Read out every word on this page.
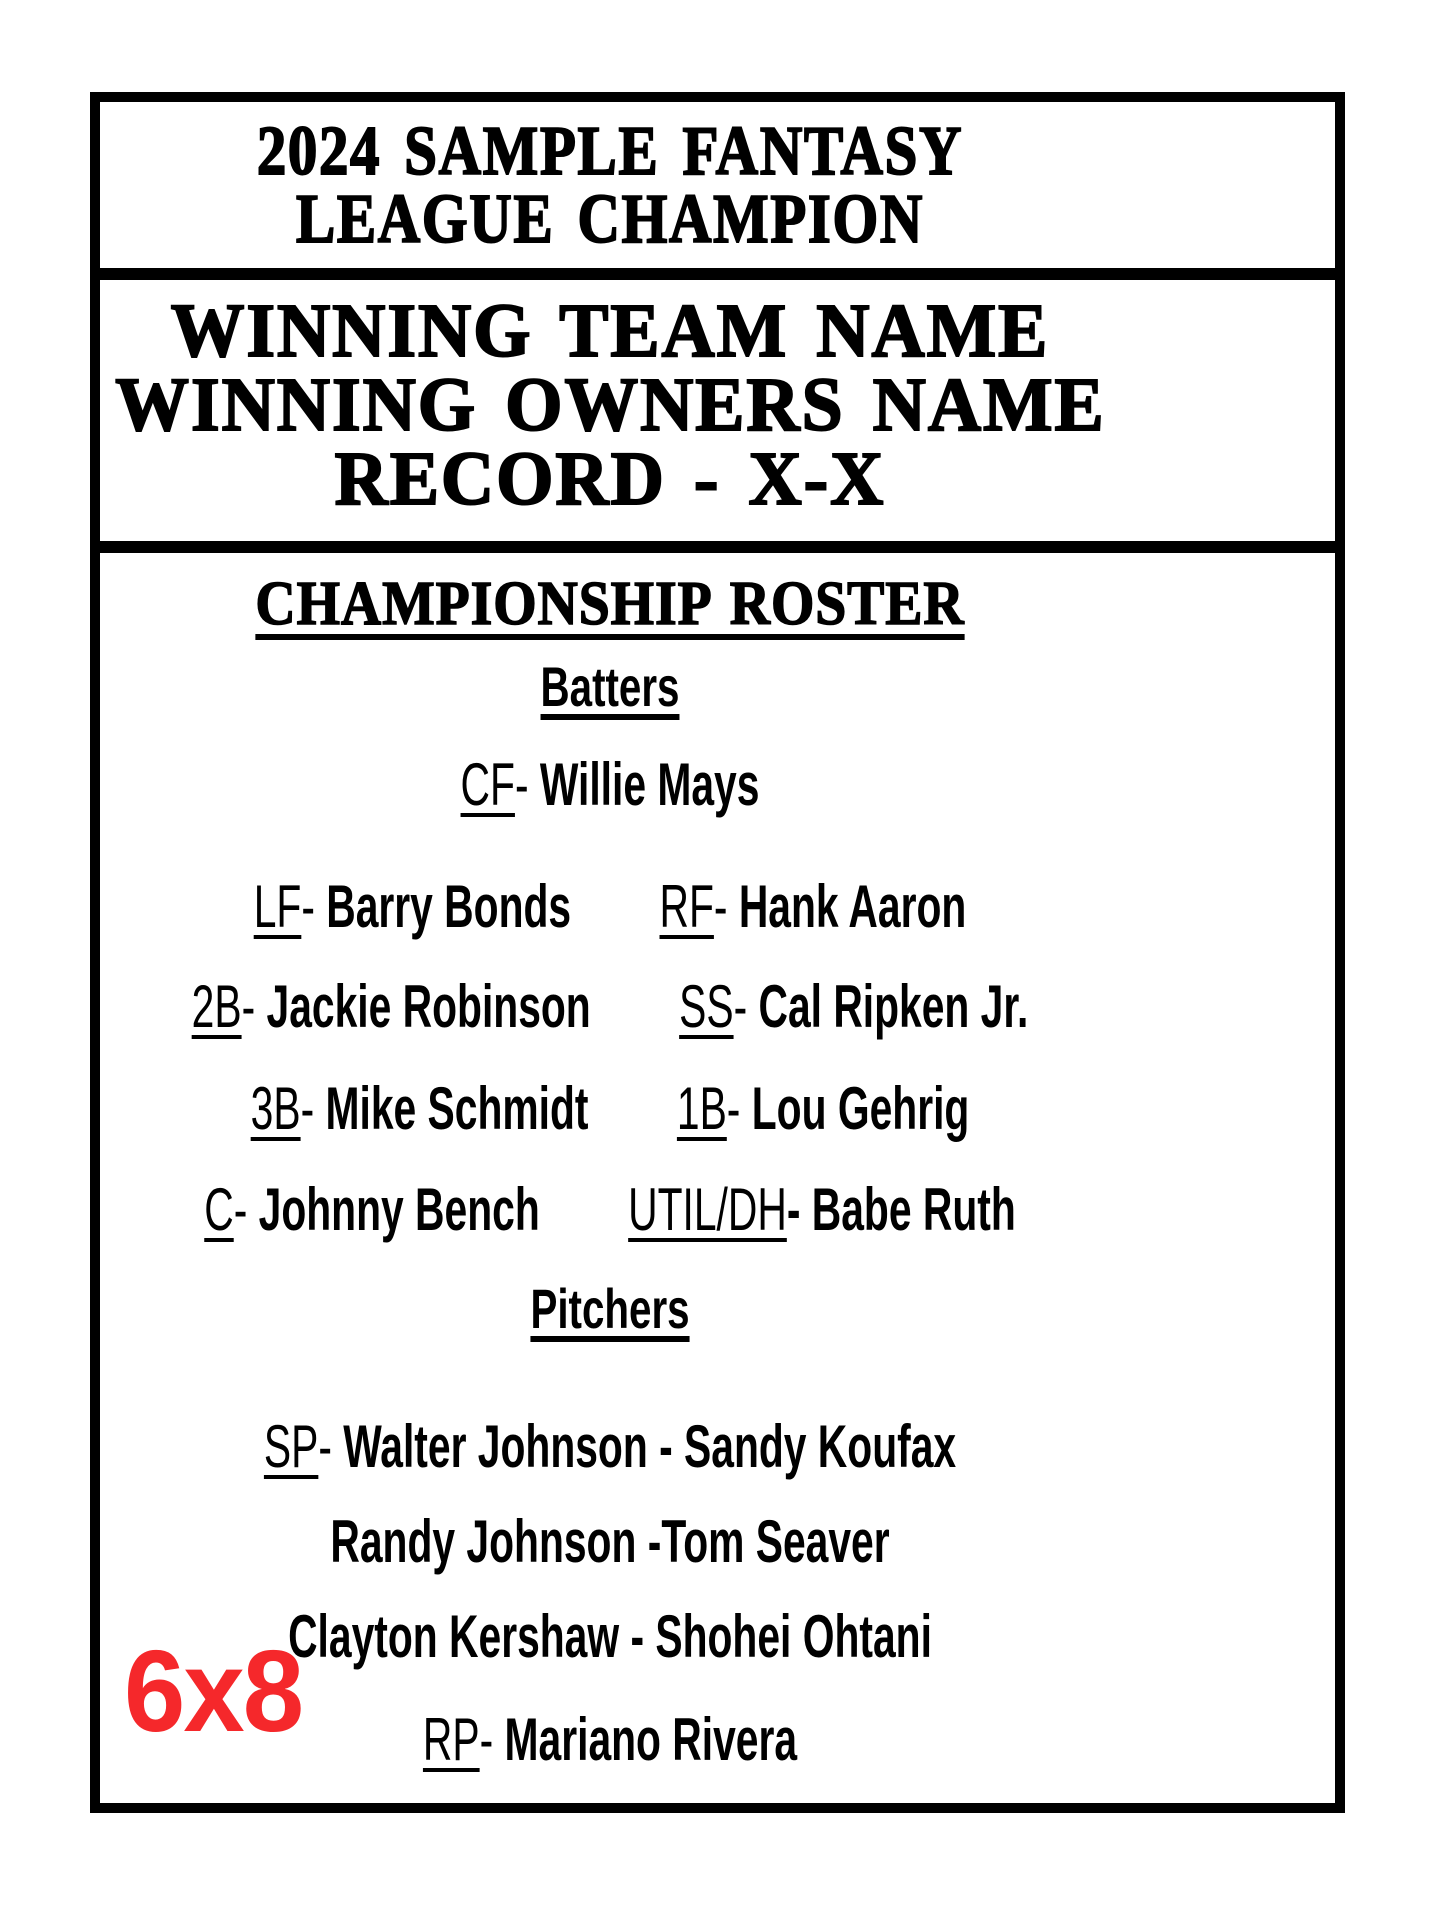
2024 SAMPLE FANTASY
LEAGUE CHAMPION
WINNING TEAM NAME
WINNING OWNERS NAME
RECORD - X-X
CHAMPIONSHIP ROSTER
Batters
CF- Willie Mays
LF- Barry Bonds RF- Hank Aaron
2B- Jackie Robinson SS- Cal Ripken Jr.
3B- Mike Schmidt 1B- Lou Gehrig
C- Johnny Bench UTIL/DH- Babe Ruth
Pitchers
SP- Walter Johnson - Sandy Koufax
Randy Johnson -Tom Seaver
Clayton Kershaw - Shohei Ohtani
RP- Mariano Rivera
6x8
